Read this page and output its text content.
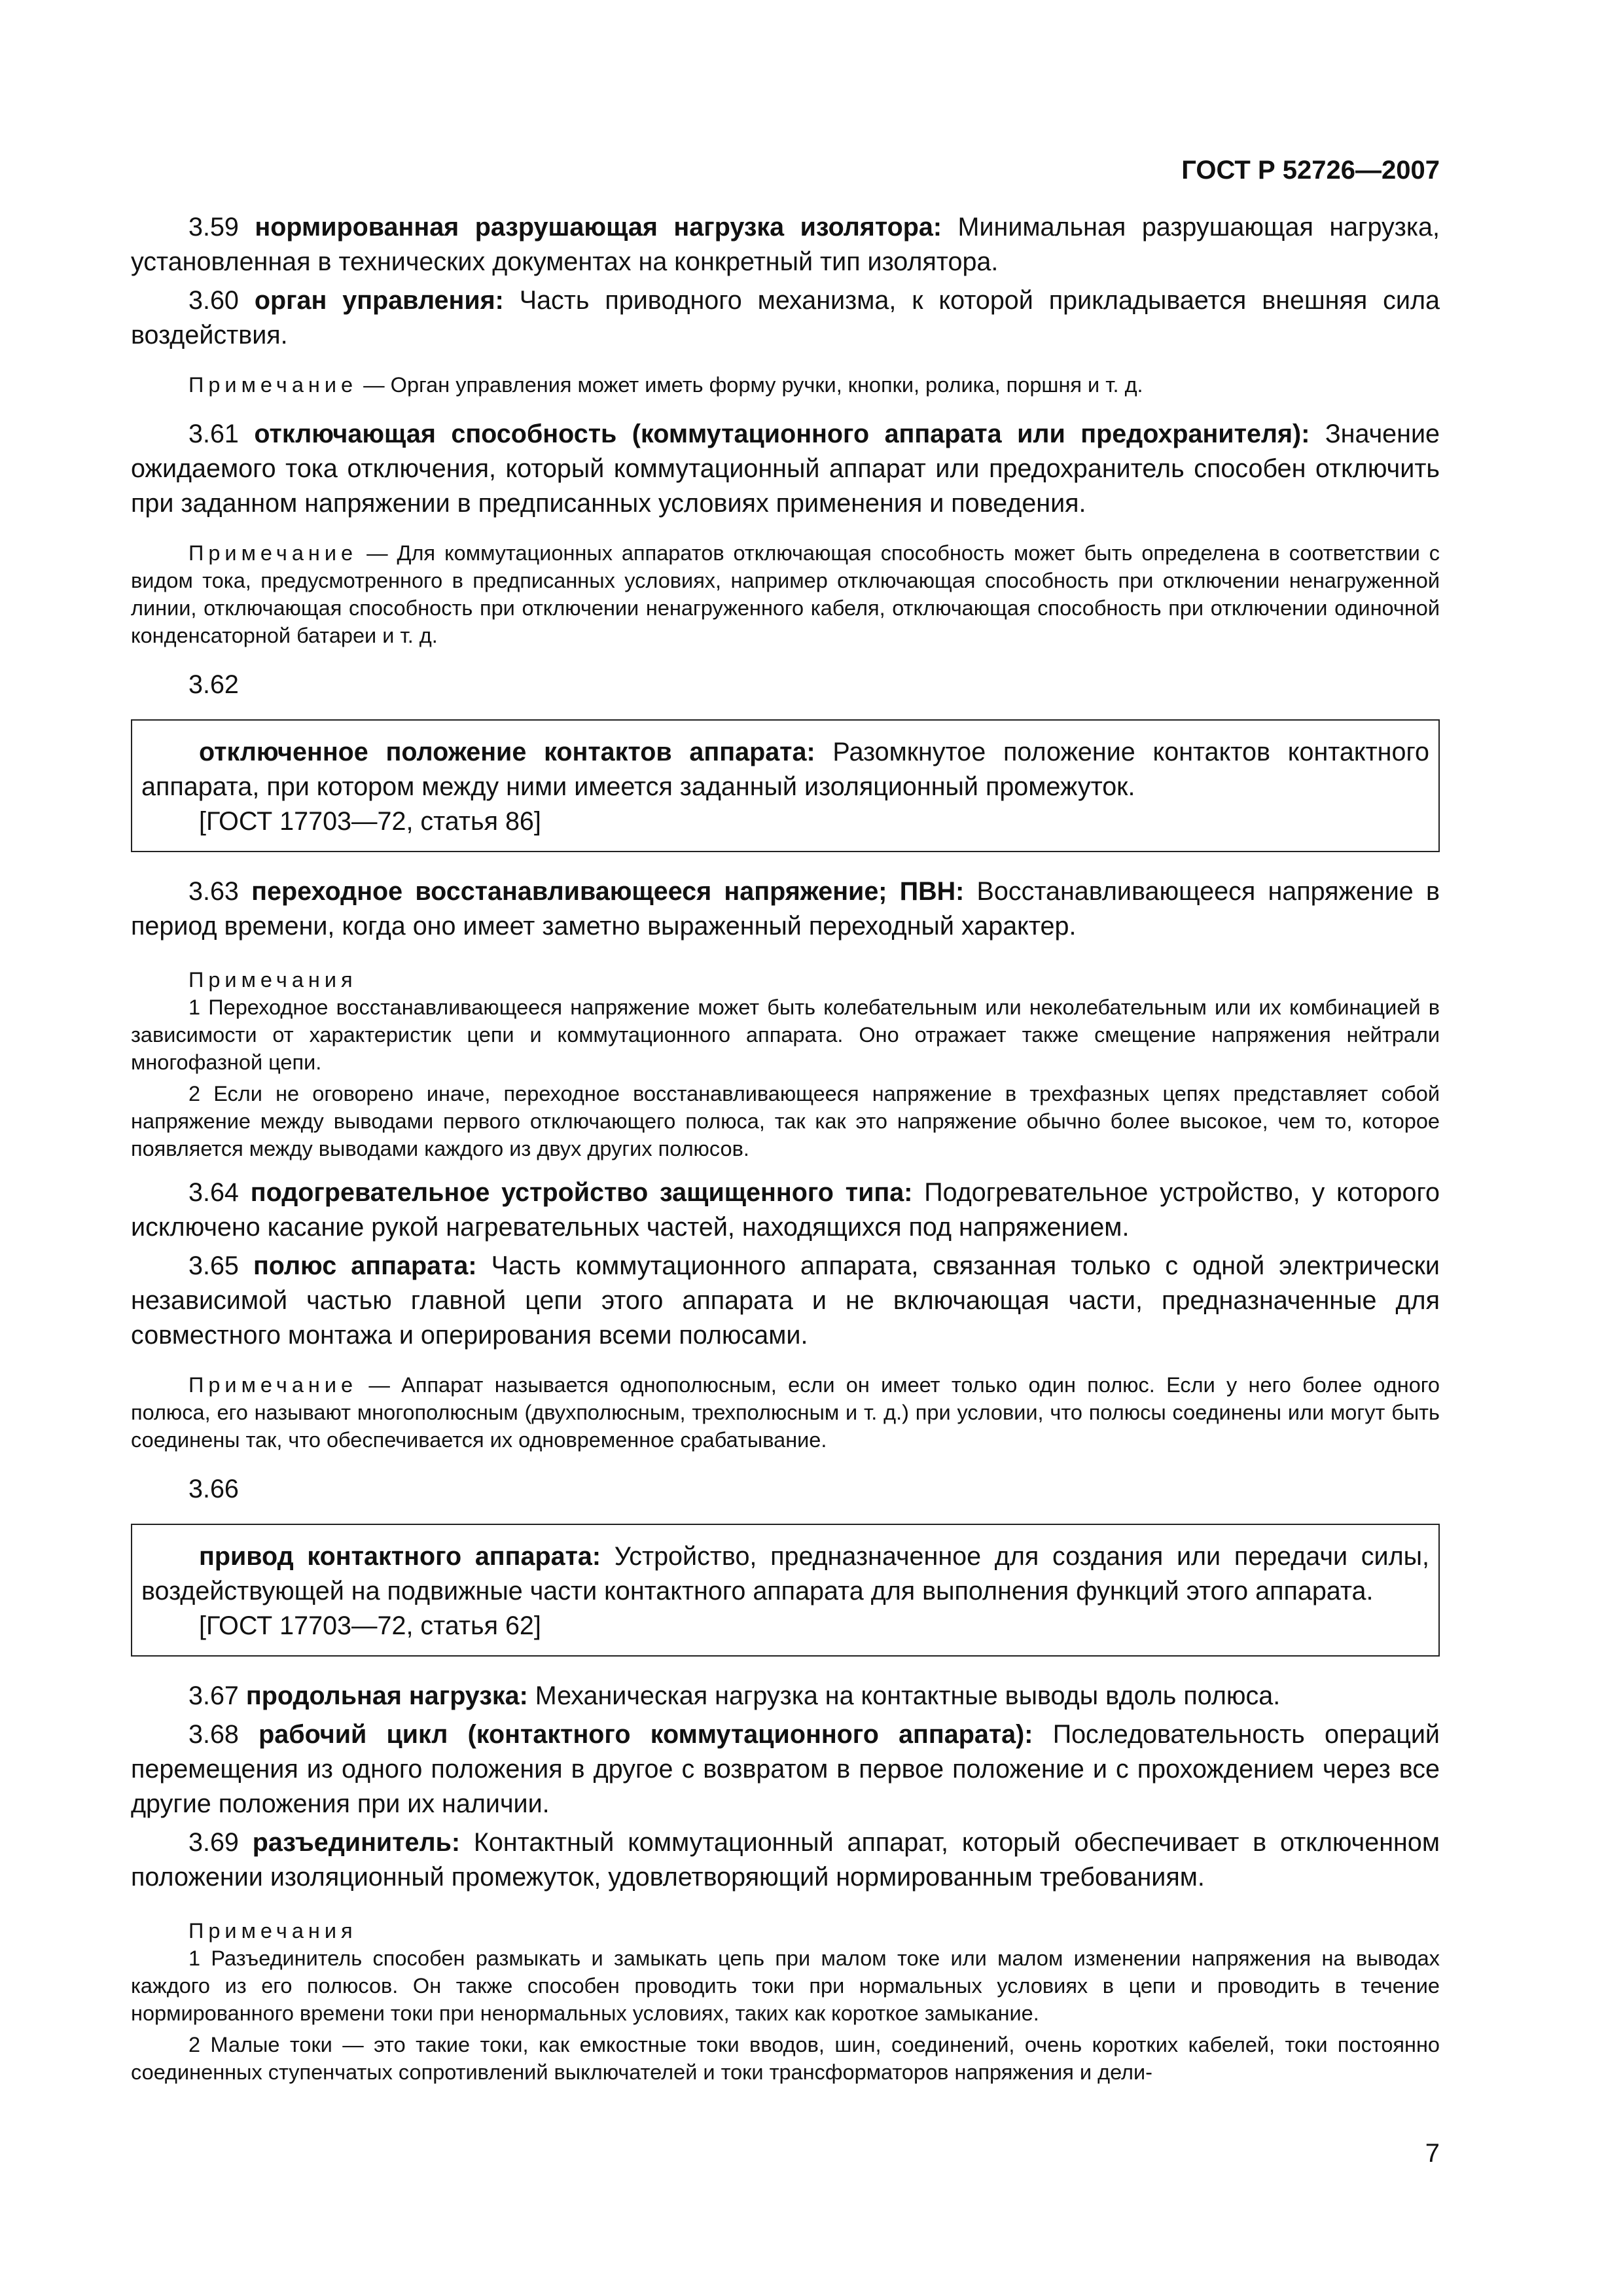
ГОСТ Р 52726—2007

3.59 нормированная разрушающая нагрузка изолятора: Минимальная разрушающая нагрузка, установленная в технических документах на конкретный тип изолятора.

3.60 орган управления: Часть приводного механизма, к которой прикладывается внешняя сила воздействия.

Примечание — Орган управления может иметь форму ручки, кнопки, ролика, поршня и т. д.

3.61 отключающая способность (коммутационного аппарата или предохранителя): Значение ожидаемого тока отключения, который коммутационный аппарат или предохранитель способен отключить при заданном напряжении в предписанных условиях применения и поведения.

Примечание — Для коммутационных аппаратов отключающая способность может быть определена в соответствии с видом тока, предусмотренного в предписанных условиях, например отключающая способность при отключении ненагруженной линии, отключающая способность при отключении ненагруженного кабеля, отключающая способность при отключении одиночной конденсаторной батареи и т. д.

3.62

отключенное положение контактов аппарата: Разомкнутое положение контактов контактного аппарата, при котором между ними имеется заданный изоляционный промежуток.

[ГОСТ 17703—72, статья 86]

3.63 переходное восстанавливающееся напряжение; ПВН: Восстанавливающееся напряжение в период времени, когда оно имеет заметно выраженный переходный характер.

Примечания

1 Переходное восстанавливающееся напряжение может быть колебательным или неколебательным или их комбинацией в зависимости от характеристик цепи и коммутационного аппарата. Оно отражает также смещение напряжения нейтрали многофазной цепи.

2 Если не оговорено иначе, переходное восстанавливающееся напряжение в трехфазных цепях представляет собой напряжение между выводами первого отключающего полюса, так как это напряжение обычно более высокое, чем то, которое появляется между выводами каждого из двух других полюсов.

3.64 подогревательное устройство защищенного типа: Подогревательное устройство, у которого исключено касание рукой нагревательных частей, находящихся под напряжением.

3.65 полюс аппарата: Часть коммутационного аппарата, связанная только с одной электрически независимой частью главной цепи этого аппарата и не включающая части, предназначенные для совместного монтажа и оперирования всеми полюсами.

Примечание — Аппарат называется однополюсным, если он имеет только один полюс. Если у него более одного полюса, его называют многополюсным (двухполюсным, трехполюсным и т. д.) при условии, что полюсы соединены или могут быть соединены так, что обеспечивается их одновременное срабатывание.

3.66

привод контактного аппарата: Устройство, предназначенное для создания или передачи силы, воздействующей на подвижные части контактного аппарата для выполнения функций этого аппарата.

[ГОСТ 17703—72, статья 62]

3.67 продольная нагрузка: Механическая нагрузка на контактные выводы вдоль полюса.

3.68 рабочий цикл (контактного коммутационного аппарата): Последовательность операций перемещения из одного положения в другое с возвратом в первое положение и с прохождением через все другие положения при их наличии.

3.69 разъединитель: Контактный коммутационный аппарат, который обеспечивает в отключенном положении изоляционный промежуток, удовлетворяющий нормированным требованиям.

Примечания

1 Разъединитель способен размыкать и замыкать цепь при малом токе или малом изменении напряжения на выводах каждого из его полюсов. Он также способен проводить токи при нормальных условиях в цепи и проводить в течение нормированного времени токи при ненормальных условиях, таких как короткое замыкание.

2 Малые токи — это такие токи, как емкостные токи вводов, шин, соединений, очень коротких кабелей, токи постоянно соединенных ступенчатых сопротивлений выключателей и токи трансформаторов напряжения и дели-

7
